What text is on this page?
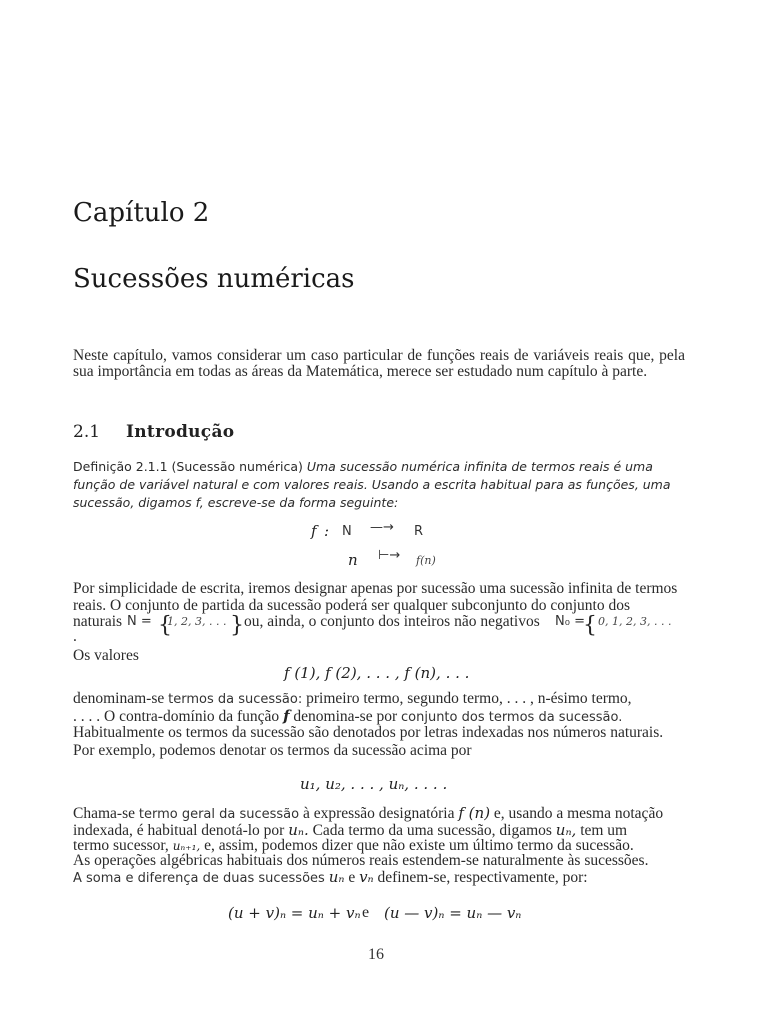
Capítulo 2
Sucessões numéricas
Neste capítulo, vamos considerar um caso particular de funções reais de variáveis reais que, pela sua importância em todas as áreas da Matemática, merece ser estudado num capítulo à parte.
2.1 Introdução
Definição 2.1.1 (Sucessão numérica) Uma sucessão numérica infinita de termos reais é uma função de variável natural e com valores reais. Usando a escrita habitual para as funções, uma sucessão, digamos f, escreve-se da forma seguinte:
f : N —→ R
n ⊢→ f(n)
Por simplicidade de escrita, iremos designar apenas por sucessão uma sucessão infinita de termos
reais. O conjunto de partida da sucessão poderá ser qualquer subconjunto do conjunto dos
naturais N = {
1, 2, 3, . . . } ou, ainda, o conjunto dos inteiros não negativos N₀ =
{ 0, 1, 2, 3, . . .
.
Os valores
f (1), f (2), . . . , f (n), . . .
denominam-se termos da sucessão: primeiro termo, segundo termo, . . . , n-ésimo termo,
. . . . O contra-domínio da função f denomina-se por conjunto dos termos da sucessão.
Habitualmente os termos da sucessão são denotados por letras indexadas nos números naturais.
Por exemplo, podemos denotar os termos da sucessão acima por
u₁, u₂, . . . , uₙ, . . . .
Chama-se termo geral da sucessão à expressão designatória f (n) e, usando a mesma notação
indexada, é habitual denotá-lo por uₙ. Cada termo da uma sucessão, digamos uₙ, tem um
termo sucessor, uₙ₊₁, e, assim, podemos dizer que não existe um último termo da sucessão.
As operações algébricas habituais dos números reais estendem-se naturalmente às sucessões.
A soma e diferença de duas sucessões uₙ e vₙ definem-se, respectivamente, por:
(u + v)ₙ = uₙ + vₙ e (u — v)ₙ = uₙ — vₙ
16
